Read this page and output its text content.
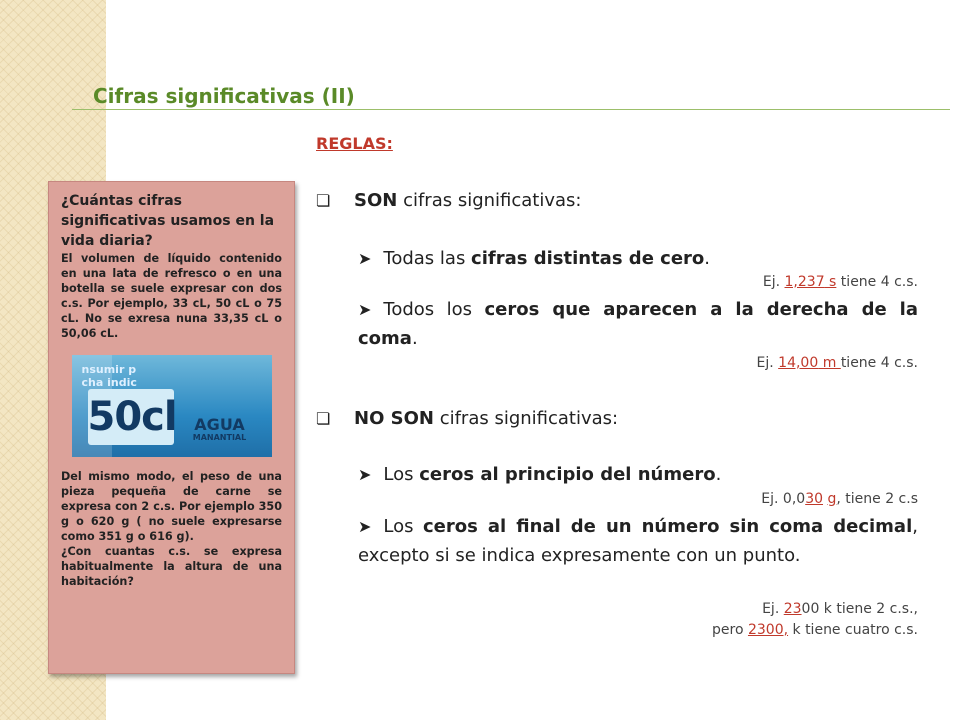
Cifras significativas (II)

¿Cuántas cifras significativas usamos en la vida diaria?

El volumen de líquido contenido en una lata de refresco o en una botella se suele expresar con dos c.s. Por ejemplo, 33 cL, 50 cL o 75 cL. No se exresa nuna 33,35 cL o 50,06 cL.

nsumir p
cha indic
50cl	AGUA
MANANTIAL

Del mismo modo, el peso de una pieza pequeña de carne se expresa con 2 c.s. Por ejemplo 350 g o 620 g ( no suele expresarse como 351 g o 616 g).

¿Con cuantas c.s. se expresa habitualmente la altura de una habitación?

REGLAS:
❏ SON cifras significativas:
➤ Todas las cifras distintas de cero.
Ej. 1,237 s tiene 4 c.s.
➤ Todos los ceros que aparecen a la derecha de la coma.
Ej. 14,00 m tiene 4 c.s.
❏ NO SON cifras significativas:
➤ Los ceros al principio del número.
Ej. 0,030 g, tiene 2 c.s
➤ Los ceros al final de un número sin coma decimal, excepto si se indica expresamente con un punto.
Ej. 2300 k tiene 2 c.s.,
pero 2300, k tiene cuatro c.s.
